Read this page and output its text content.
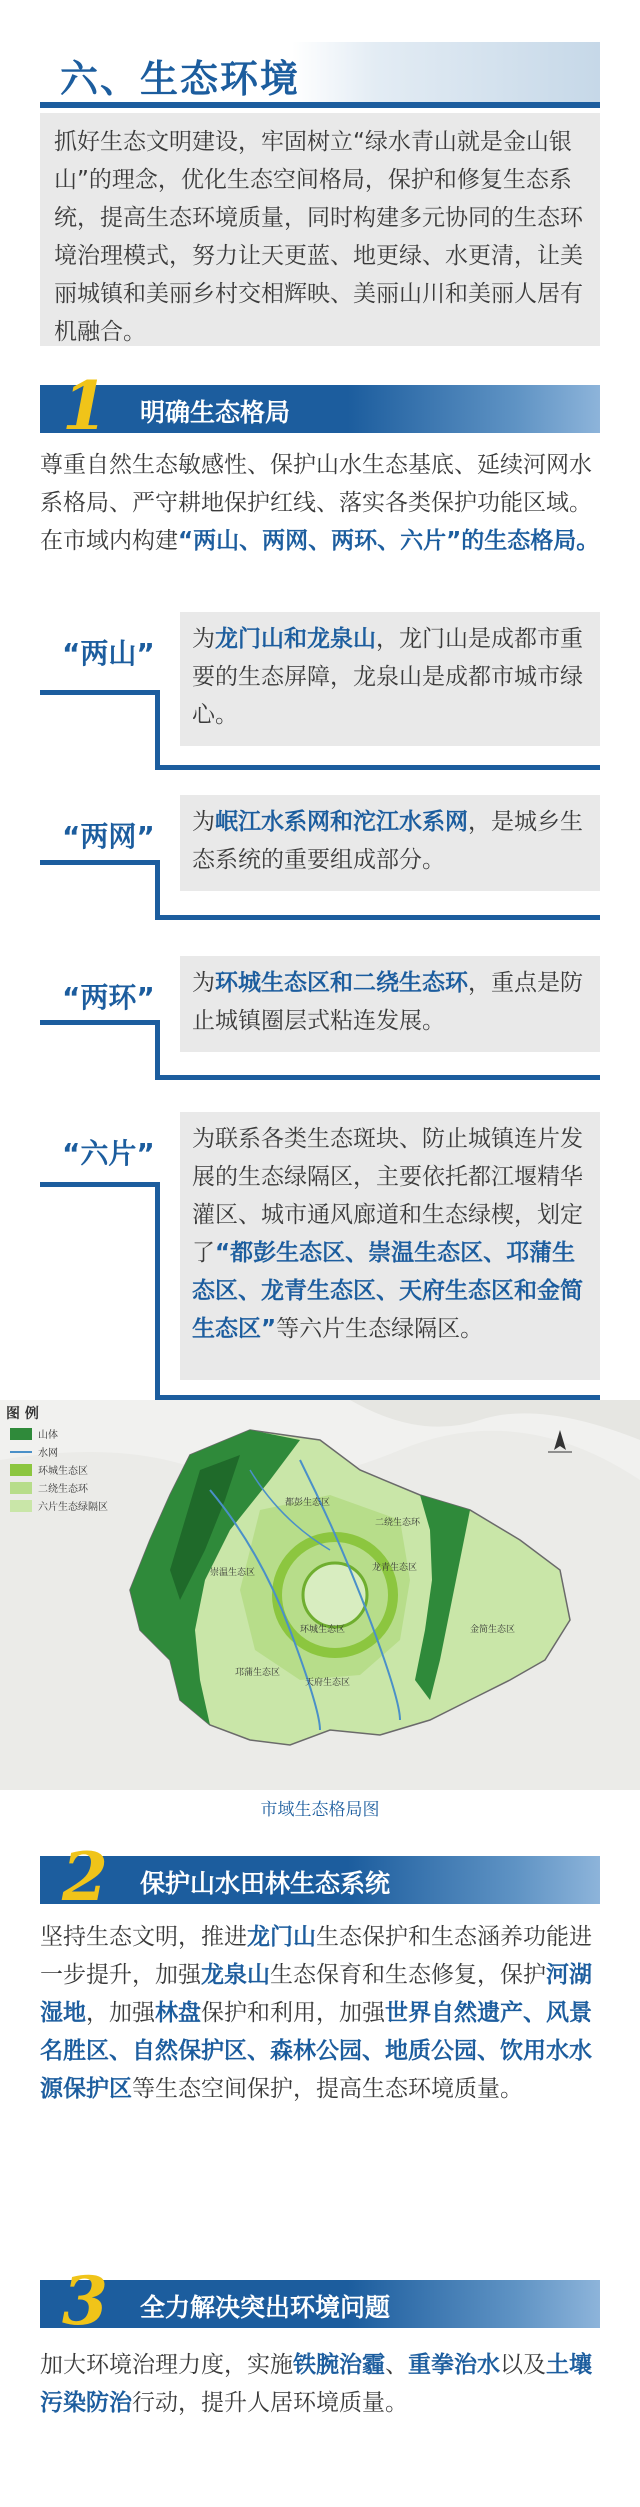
六、生态环境
抓好生态文明建设，牢固树立“绿水青山就是金山银山”的理念，优化生态空间格局，保护和修复生态系统，提高生态环境质量，同时构建多元协同的生态环境治理模式，努力让天更蓝、地更绿、水更清，让美丽城镇和美丽乡村交相辉映、美丽山川和美丽人居有机融合。
1 明确生态格局
尊重自然生态敏感性、保护山水生态基底、延续河网水系格局、严守耕地保护红线、落实各类保护功能区域。在市域内构建“两山、两网、两环、六片”的生态格局。
“两山”	为龙门山和龙泉山，龙门山是成都市重要的生态屏障，龙泉山是成都市城市绿心。
“两网”	为岷江水系网和沱江水系网，是城乡生态系统的重要组成部分。
“两环”	为环城生态区和二绕生态环，重点是防止城镇圈层式粘连发展。
“六片”	为联系各类生态斑块、防止城镇连片发展的生态绿隔区，主要依托都江堰精华灌区、城市通风廊道和生态绿楔，划定了“都彭生态区、崇温生态区、邛蒲生态区、龙青生态区、天府生态区和金简生态区”等六片生态绿隔区。
都彭生态区
二绕生态环
崇温生态区	龙青生态区
环城生态区
邛蒲生态区
天府生态区
金简生态区
图 例
山体
水网
环城生态区
二绕生态环
六片生态绿隔区
市域生态格局图
2 保护山水田林生态系统
坚持生态文明，推进龙门山生态保护和生态涵养功能进一步提升，加强龙泉山生态保育和生态修复，保护河湖湿地，加强林盘保护和利用，加强世界自然遗产、风景名胜区、自然保护区、森林公园、地质公园、饮用水水源保护区等生态空间保护，提高生态环境质量。
3 全力解决突出环境问题
加大环境治理力度，实施铁腕治霾、重拳治水以及土壤污染防治行动，提升人居环境质量。
